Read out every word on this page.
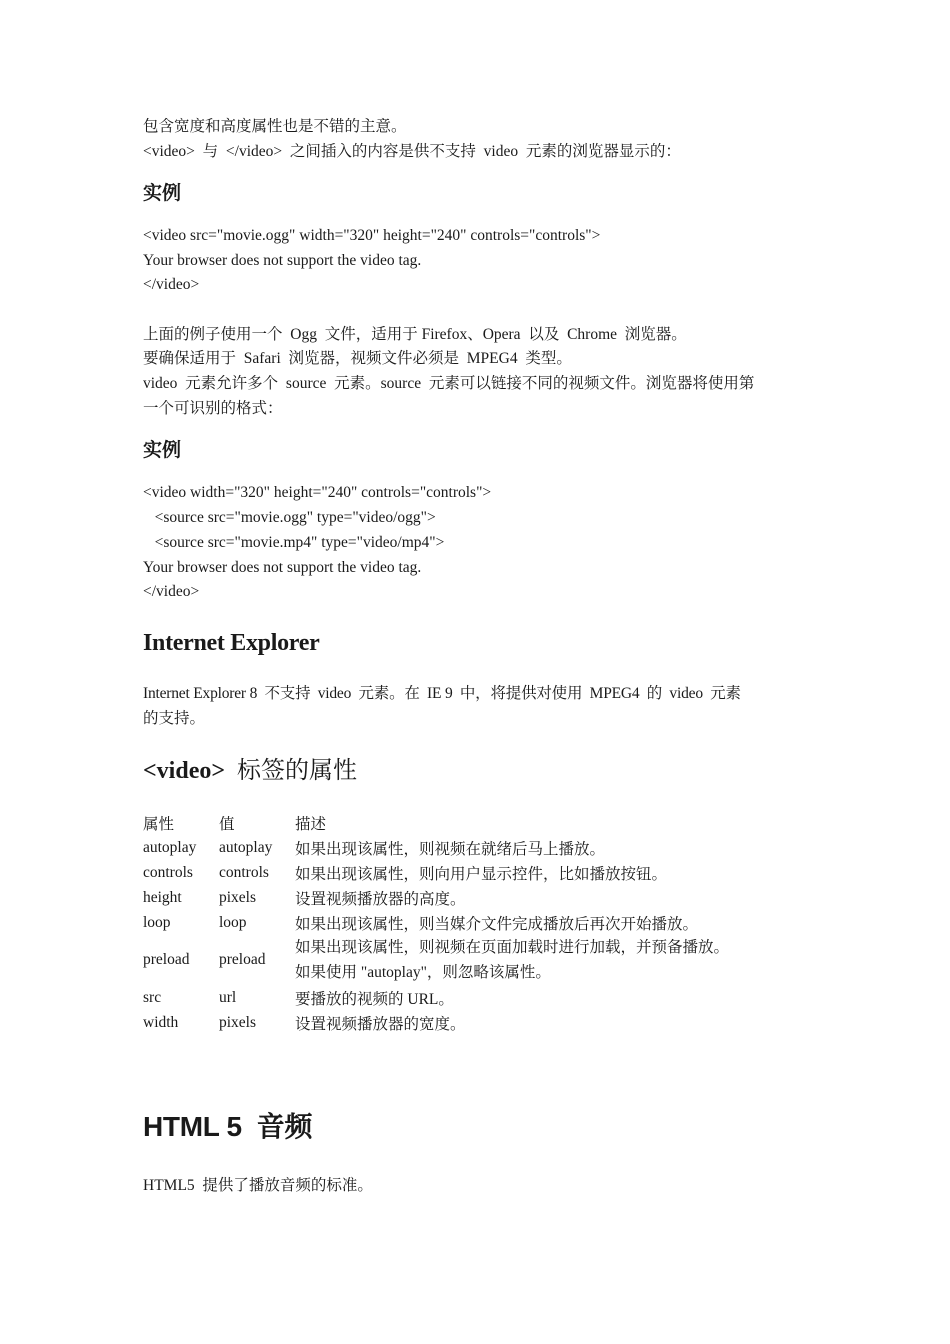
包含宽度和高度属性也是不错的主意。
<video>  与  </video>  之间插入的内容是供不支持  video  元素的浏览器显示的：
实例
<video src="movie.ogg" width="320" height="240" controls="controls">
Your browser does not support the video tag.
</video>
上面的例子使用一个  Ogg  文件，适用于 Firefox、Opera  以及  Chrome  浏览器。
要确保适用于  Safari  浏览器，视频文件必须是  MPEG4  类型。
video  元素允许多个  source  元素。source  元素可以链接不同的视频文件。浏览器将使用第
一个可识别的格式：
实例
<video width="320" height="240" controls="controls">
<source src="movie.ogg" type="video/ogg">
<source src="movie.mp4" type="video/mp4">
Your browser does not support the video tag.
</video>
Internet Explorer
Internet Explorer 8  不支持  video  元素。在  IE 9  中，将提供对使用  MPEG4  的  video  元素
的支持。
<video>  标签的属性
属性	值	描述
autoplay	autoplay	如果出现该属性，则视频在就绪后马上播放。
controls	controls	如果出现该属性，则向用户显示控件，比如播放按钮。
height	pixels	设置视频播放器的高度。
loop	loop	如果出现该属性，则当媒介文件完成播放后再次开始播放。
preload	preload	如果出现该属性，则视频在页面加载时进行加载，并预备播放。
如果使用 "autoplay"，则忽略该属性。

src	url	要播放的视频的 URL。
width	pixels	设置视频播放器的宽度。
HTML 5  音频
HTML5  提供了播放音频的标准。
